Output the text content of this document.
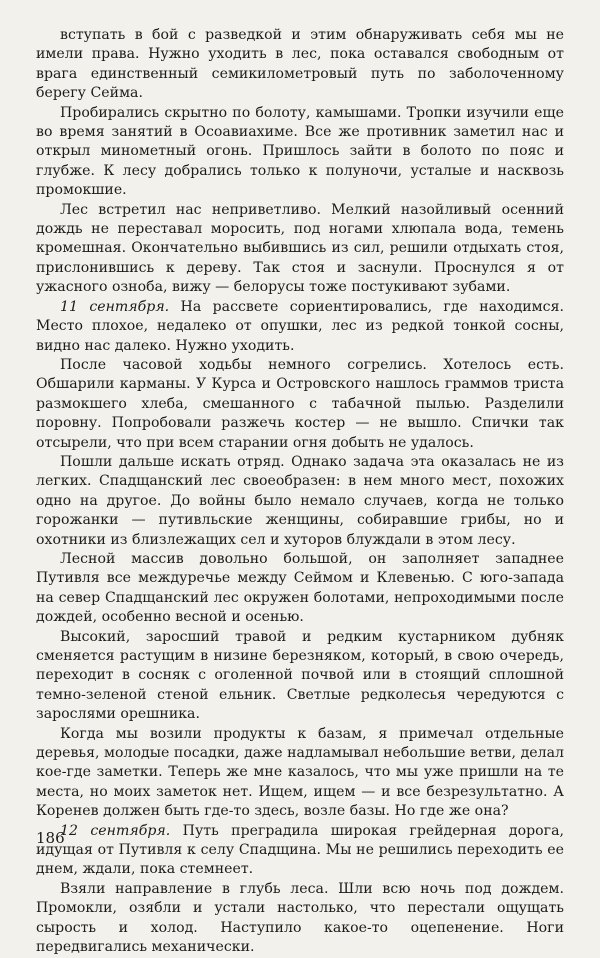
вступать в бой с разведкой и этим обнаруживать себя мы не имели права. Нужно уходить в лес, пока оставался свободным от врага единственный семикилометровый путь по заболоченному берегу Сейма.

Пробирались скрытно по болоту, камышами. Тропки изучили еще во время занятий в Осоавиахиме. Все же противник заметил нас и открыл минометный огонь. Пришлось зайти в болото по пояс и глубже. К лесу добрались только к полуночи, усталые и насквозь промокшие.

Лес встретил нас неприветливо. Мелкий назойливый осенний дождь не переставал моросить, под ногами хлюпала вода, темень кромешная. Окончательно выбившись из сил, решили отдыхать стоя, прислонившись к дереву. Так стоя и заснули. Проснулся я от ужасного озноба, вижу — белорусы тоже постукивают зубами.

11 сентября. На рассвете сориентировались, где находимся. Место плохое, недалеко от опушки, лес из редкой тонкой сосны, видно нас далеко. Нужно уходить.

После часовой ходьбы немного согрелись. Хотелось есть. Обшарили карманы. У Курса и Островского нашлось граммов триста размокшего хлеба, смешанного с табачной пылью. Разделили поровну. Попробовали разжечь костер — не вышло. Спички так отсырели, что при всем старании огня добыть не удалось.

Пошли дальше искать отряд. Однако задача эта оказалась не из легких. Спадщанский лес своеобразен: в нем много мест, похожих одно на другое. До войны было немало случаев, когда не только горожанки — путивльские женщины, собиравшие грибы, но и охотники из близлежащих сел и хуторов блуждали в этом лесу.

Лесной массив довольно большой, он заполняет западнее Путивля все междуречье между Сеймом и Клевенью. С юго-запада на север Спадщанский лес окружен болотами, непроходимыми после дождей, особенно весной и осенью.

Высокий, заросший травой и редким кустарником дубняк сменяется растущим в низине березняком, который, в свою очередь, переходит в сосняк с оголенной почвой или в стоящий сплошной темно-зеленой стеной ельник. Светлые редколесья чередуются с зарослями орешника.

Когда мы возили продукты к базам, я примечал отдельные деревья, молодые посадки, даже надламывал небольшие ветви, делал кое-где заметки. Теперь же мне казалось, что мы уже пришли на те места, но моих заметок нет. Ищем, ищем — и все безрезультатно. А Коренев должен быть где-то здесь, возле базы. Но где же она?

12 сентября. Путь преградила широкая грейдерная дорога, идущая от Путивля к селу Спадщина. Мы не решились переходить ее днем, ждали, пока стемнеет.

Взяли направление в глубь леса. Шли всю ночь под дождем. Промокли, озябли и устали настолько, что перестали ощущать сырость и холод. Наступило какое-то оцепенение. Ноги передвигались механически.

186
